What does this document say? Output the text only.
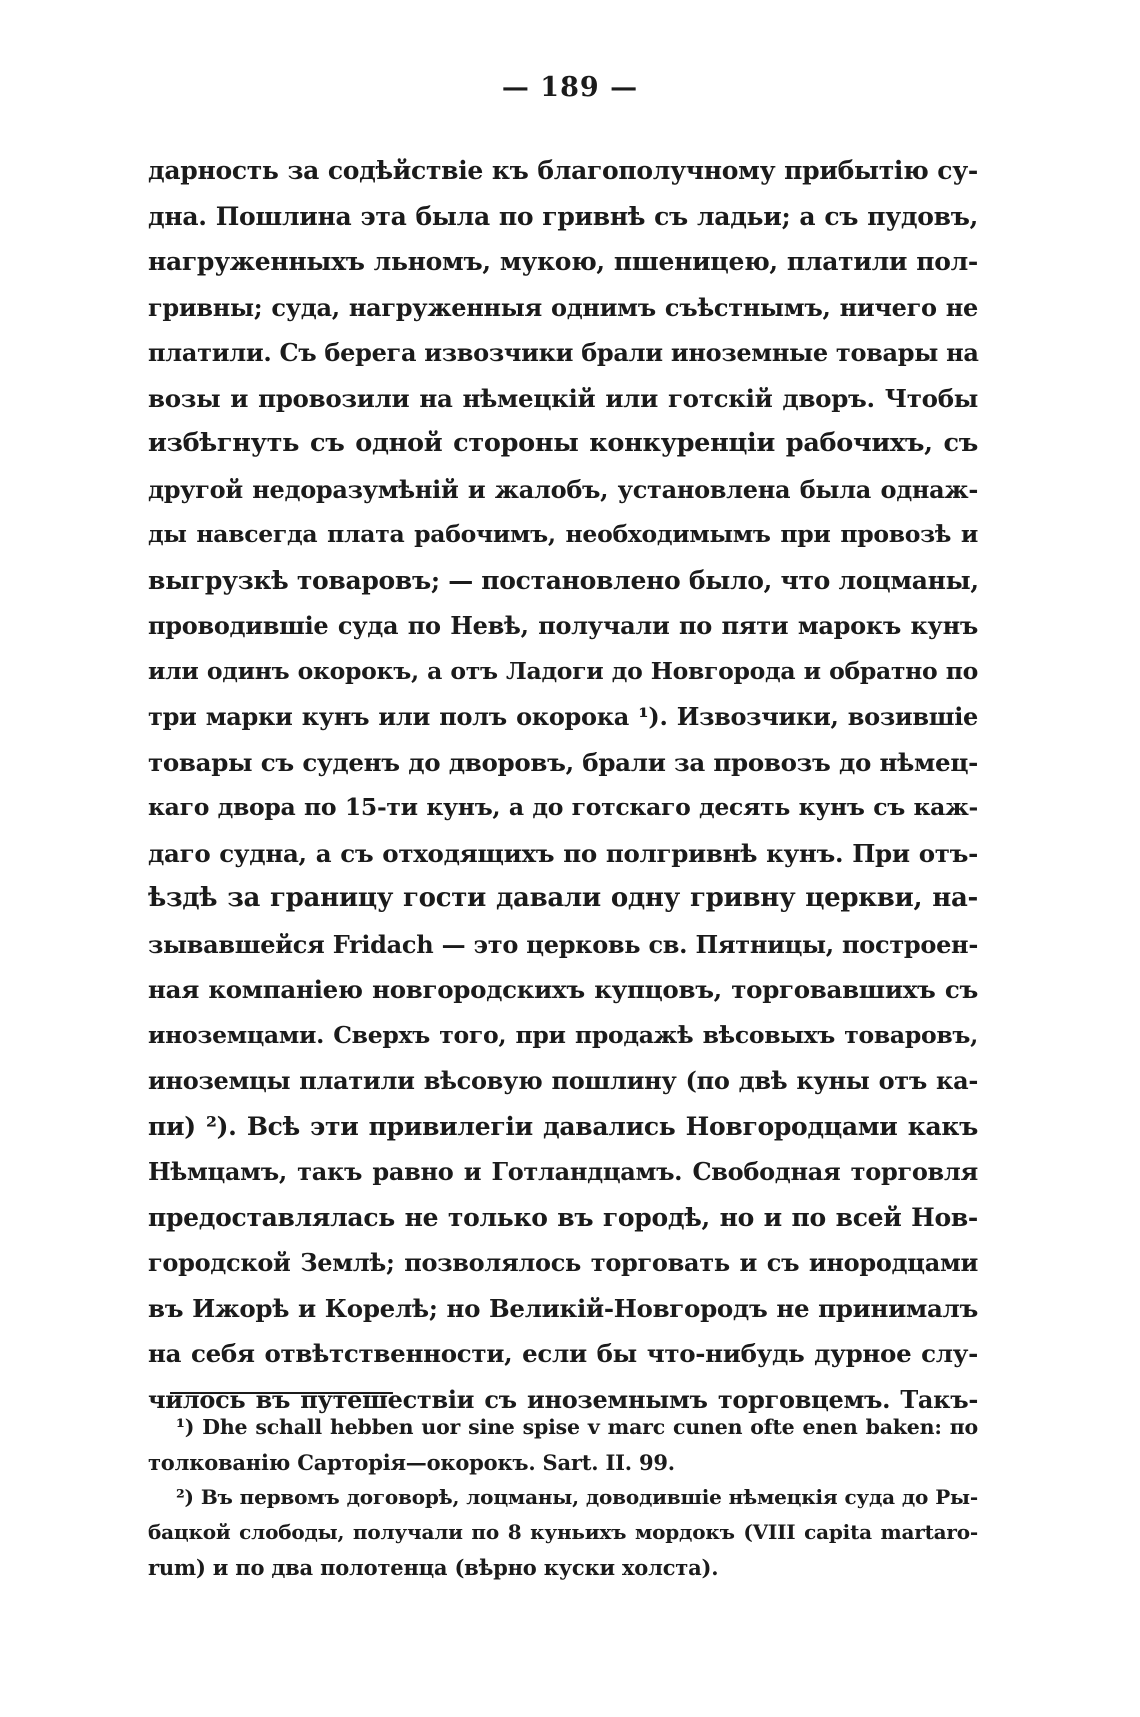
— 189 —
дарность за содѣйствіе къ благополучному прибытію су-
дна. Пошлина эта была по гривнѣ съ ладьи; а съ пудовъ,
нагруженныхъ льномъ, мукою, пшеницею, платили пол-
гривны; суда, нагруженныя однимъ съѣстнымъ, ничего не
платили. Съ берега извозчики брали иноземные товары на
возы и провозили на нѣмецкій или готскій дворъ. Чтобы
избѣгнуть съ одной стороны конкуренціи рабочихъ, съ
другой недоразумѣній и жалобъ, установлена была однаж-
ды навсегда плата рабочимъ, необходимымъ при провозѣ и
выгрузкѣ товаровъ; — постановлено было, что лоцманы,
проводившіе суда по Невѣ, получали по пяти марокъ кунъ
или одинъ окорокъ, а отъ Ладоги до Новгорода и обратно по
три марки кунъ или полъ окорока ¹). Извозчики, возившіе
товары съ суденъ до дворовъ, брали за провозъ до нѣмец-
каго двора по 15-ти кунъ, а до готскаго десять кунъ съ каж-
даго судна, а съ отходящихъ по полгривнѣ кунъ. При отъ-
ѣздѣ за границу гости давали одну гривну церкви, на-
зывавшейся Fridach — это церковь св. Пятницы, построен-
ная компаніею новгородскихъ купцовъ, торговавшихъ съ
иноземцами. Сверхъ того, при продажѣ вѣсовыхъ товаровъ,
иноземцы платили вѣсовую пошлину (по двѣ куны отъ ка-
пи) ²). Всѣ эти привилегіи давались Новгородцами какъ
Нѣмцамъ, такъ равно и Готландцамъ. Свободная торговля
предоставлялась не только въ городѣ, но и по всей Нов-
городской Землѣ; позволялось торговать и съ инородцами
въ Ижорѣ и Корелѣ; но Великій-Новгородъ не принималъ
на себя отвѣтственности, если бы что-нибудь дурное слу-
чилось въ путешествіи съ иноземнымъ торговцемъ. Такъ-
¹) Dhe schall hebben uor sine spise v marc cunen ofte enen baken: по
толкованію Сарторія—окорокъ. Sart. II. 99.
²) Въ первомъ договорѣ, лоцманы, доводившіе нѣмецкія суда до Ры-
бацкой слободы, получали по 8 куньихъ мордокъ (VIII capita martaro-
rum) и по два полотенца (вѣрно куски холста).
